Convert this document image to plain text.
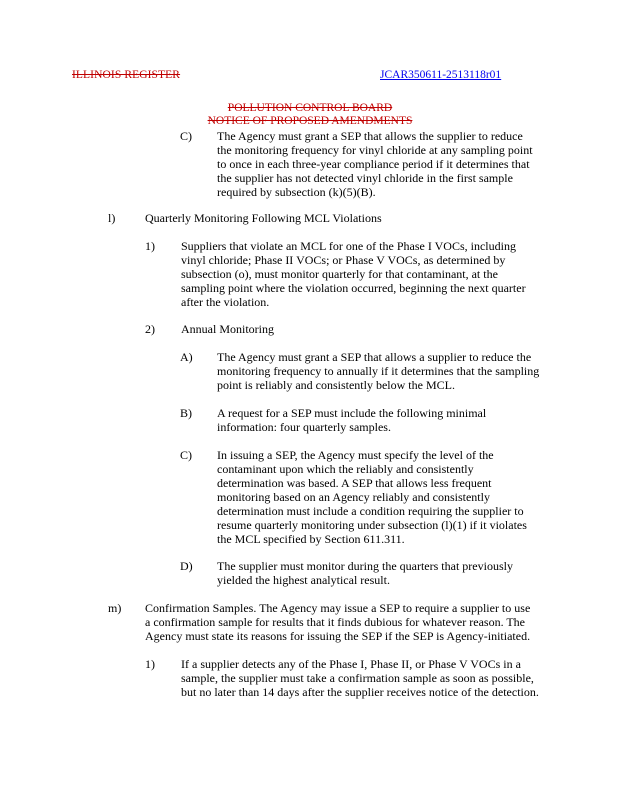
ILLINOIS REGISTER	JCAR350611-2513118r01
POLLUTION CONTROL BOARD
NOTICE OF PROPOSED AMENDMENTS
C) The Agency must grant a SEP that allows the supplier to reduce
the monitoring frequency for vinyl chloride at any sampling point
to once in each three-year compliance period if it determines that
the supplier has not detected vinyl chloride in the first sample
required by subsection (k)(5)(B).
l) Quarterly Monitoring Following MCL Violations
1) Suppliers that violate an MCL for one of the Phase I VOCs, including
vinyl chloride; Phase II VOCs; or Phase V VOCs, as determined by
subsection (o), must monitor quarterly for that contaminant, at the
sampling point where the violation occurred, beginning the next quarter
after the violation.
2) Annual Monitoring
A) The Agency must grant a SEP that allows a supplier to reduce the
monitoring frequency to annually if it determines that the sampling
point is reliably and consistently below the MCL.
B) A request for a SEP must include the following minimal
information: four quarterly samples.
C) In issuing a SEP, the Agency must specify the level of the
contaminant upon which the reliably and consistently
determination was based. A SEP that allows less frequent
monitoring based on an Agency reliably and consistently
determination must include a condition requiring the supplier to
resume quarterly monitoring under subsection (l)(1) if it violates
the MCL specified by Section 611.311.
D) The supplier must monitor during the quarters that previously
yielded the highest analytical result.
m) Confirmation Samples. The Agency may issue a SEP to require a supplier to use
a confirmation sample for results that it finds dubious for whatever reason. The
Agency must state its reasons for issuing the SEP if the SEP is Agency-initiated.
1) If a supplier detects any of the Phase I, Phase II, or Phase V VOCs in a
sample, the supplier must take a confirmation sample as soon as possible,
but no later than 14 days after the supplier receives notice of the detection.
